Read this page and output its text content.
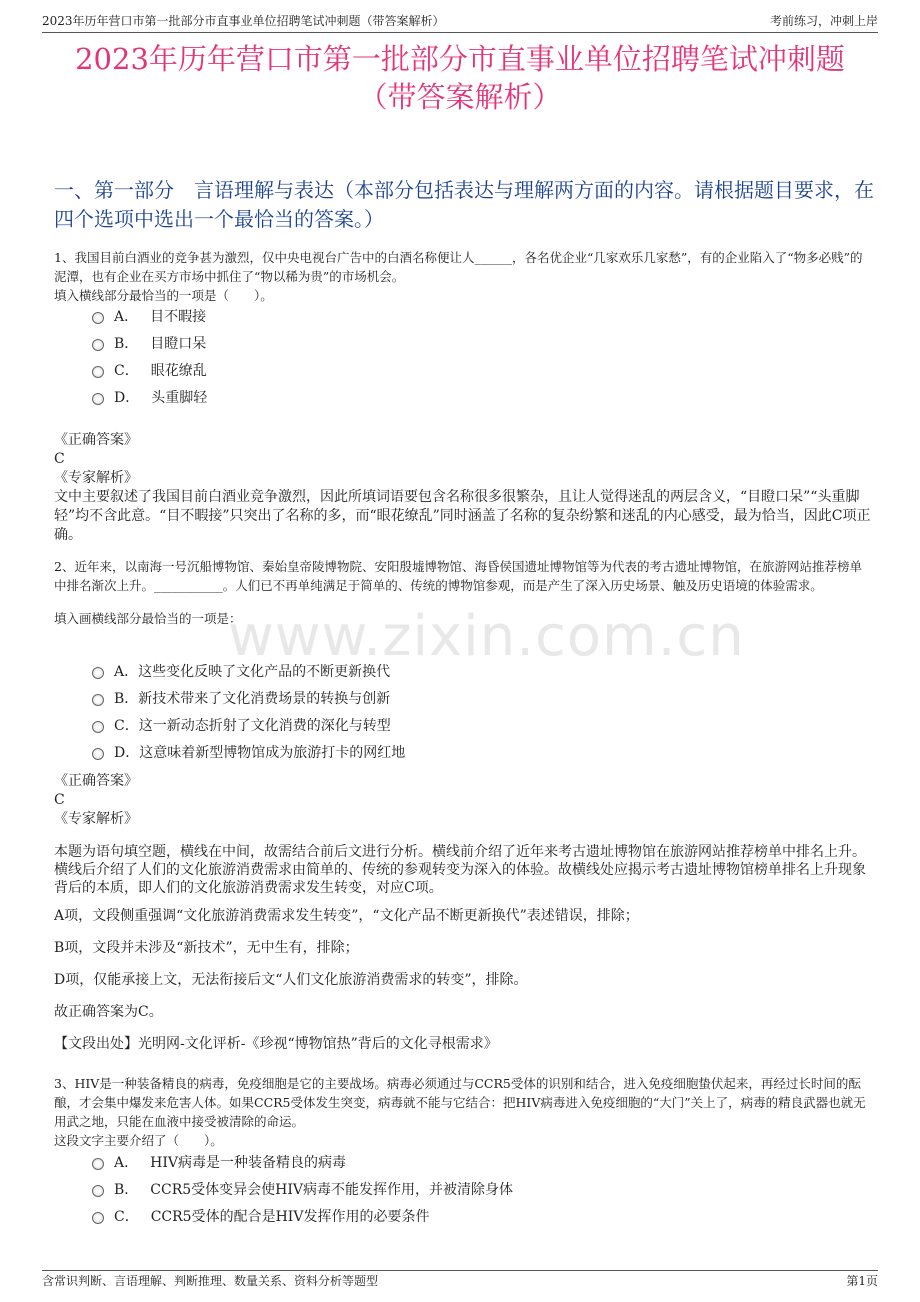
2023年历年营口市第一批部分市直事业单位招聘笔试冲刺题（带答案解析）	考前练习，冲刺上岸
2023年历年营口市第一批部分市直事业单位招聘笔试冲刺题
（带答案解析）
一、第一部分　言语理解与表达（本部分包括表达与理解两方面的内容。请根据题目要求，在四个选项中选出一个最恰当的答案。）
www.zixin.com.cn

1、我国目前白酒业的竞争甚为激烈，仅中央电视台广告中的白酒名称便让人______，各名优企业“几家欢乐几家愁”，有的企业陷入了“物多必贱”的泥潭，也有企业在买方市场中抓住了“物以稀为贵”的市场机会。

填入横线部分最恰当的一项是（　　）。

A． 目不暇接
B． 目瞪口呆
C． 眼花缭乱
D． 头重脚轻

《正确答案》

C

《专家解析》

文中主要叙述了我国目前白酒业竞争激烈，因此所填词语要包含名称很多很繁杂，且让人觉得迷乱的两层含义，“目瞪口呆”“头重脚轻”均不含此意。“目不暇接”只突出了名称的多，而“眼花缭乱”同时涵盖了名称的复杂纷繁和迷乱的内心感受，最为恰当，因此C项正确。

2、近年来，以南海一号沉船博物馆、秦始皇帝陵博物院、安阳殷墟博物馆、海昏侯国遗址博物馆等为代表的考古遗址博物馆，在旅游网站推荐榜单中排名渐次上升。___________。人们已不再单纯满足于简单的、传统的博物馆参观，而是产生了深入历史场景、触及历史语境的体验需求。

填入画横线部分最恰当的一项是：

A．这些变化反映了文化产品的不断更新换代
B．新技术带来了文化消费场景的转换与创新
C．这一新动态折射了文化消费的深化与转型
D．这意味着新型博物馆成为旅游打卡的网红地

《正确答案》

C

《专家解析》

本题为语句填空题，横线在中间，故需结合前后文进行分析。横线前介绍了近年来考古遗址博物馆在旅游网站推荐榜单中排名上升。横线后介绍了人们的文化旅游消费需求由简单的、传统的参观转变为深入的体验。故横线处应揭示考古遗址博物馆榜单排名上升现象背后的本质，即人们的文化旅游消费需求发生转变，对应C项。

A项，文段侧重强调“文化旅游消费需求发生转变”，“文化产品不断更新换代”表述错误，排除；

B项，文段并未涉及“新技术”，无中生有，排除；

D项，仅能承接上文，无法衔接后文“人们文化旅游消费需求的转变”，排除。

故正确答案为C。

【文段出处】光明网-文化评析-《珍视“博物馆热”背后的文化寻根需求》

3、HIV是一种装备精良的病毒，免疫细胞是它的主要战场。病毒必须通过与CCR5受体的识别和结合，进入免疫细胞蛰伏起来，再经过长时间的酝酿，才会集中爆发来危害人体。如果CCR5受体发生突变，病毒就不能与它结合：把HIV病毒进入免疫细胞的“大门”关上了，病毒的精良武器也就无用武之地，只能在血液中接受被清除的命运。

这段文字主要介绍了（　　）。

A． HIV病毒是一种装备精良的病毒
B． CCR5受体变异会使HIV病毒不能发挥作用，并被清除身体
C． CCR5受体的配合是HIV发挥作用的必要条件
含常识判断、言语理解、判断推理、数量关系、资料分析等题型	第1页
